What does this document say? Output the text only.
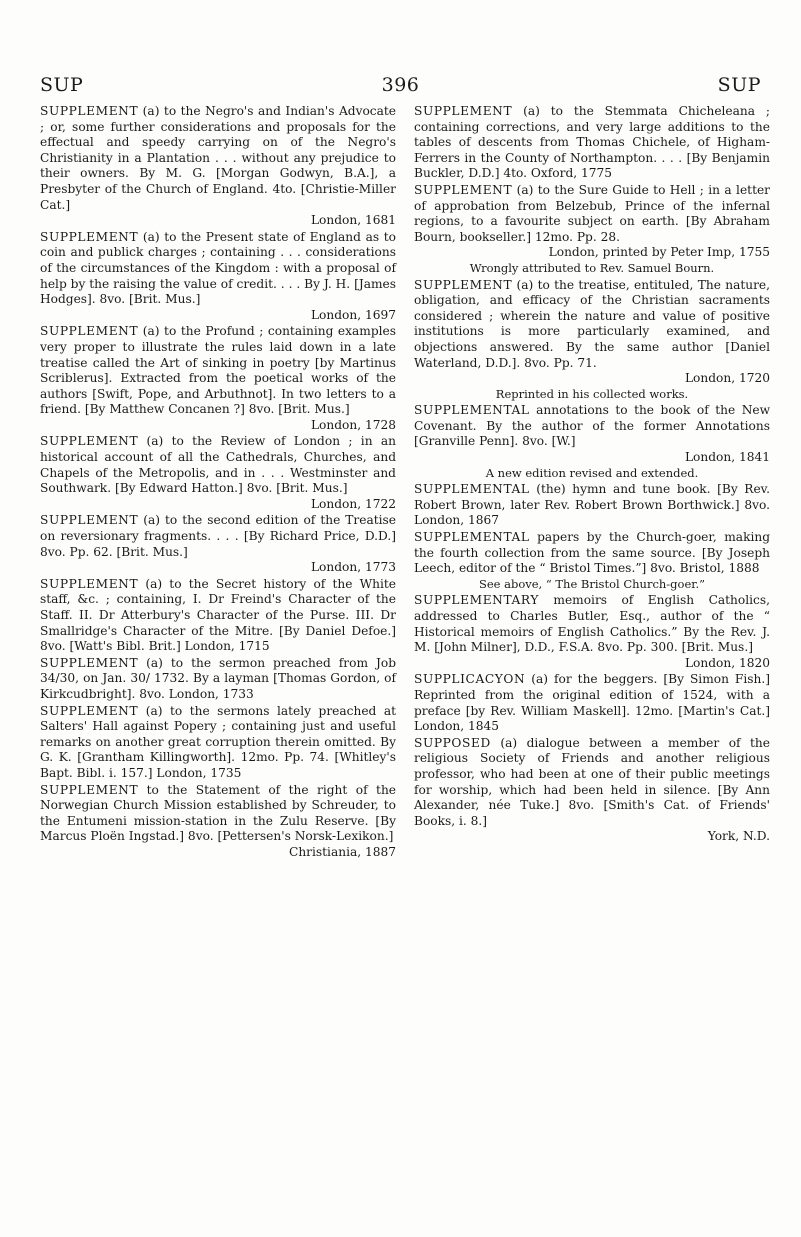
SUP	396	SUP

SUPPLEMENT (a) to the Negro's and Indian's Advocate ; or, some further considerations and proposals for the effectual and speedy carrying on of the Negro's Christianity in a Plantation . . . without any prejudice to their owners. By M. G. [Morgan Godwyn, B.A.], a Presbyter of the Church of England. 4to. [Christie-Miller Cat.]
London, 1681

SUPPLEMENT (a) to the Present state of England as to coin and publick charges ; containing . . . considerations of the circumstances of the Kingdom : with a proposal of help by the raising the value of credit. . . . By J. H. [James Hodges]. 8vo. [Brit. Mus.]
London, 1697

SUPPLEMENT (a) to the Profund ; containing examples very proper to illustrate the rules laid down in a late treatise called the Art of sinking in poetry [by Martinus Scriblerus]. Extracted from the poetical works of the authors [Swift, Pope, and Arbuthnot]. In two letters to a friend. [By Matthew Concanen ?] 8vo. [Brit. Mus.]
London, 1728

SUPPLEMENT (a) to the Review of London ; in an historical account of all the Cathedrals, Churches, and Chapels of the Metropolis, and in . . . Westminster and Southwark. [By Edward Hatton.] 8vo. [Brit. Mus.]
London, 1722

SUPPLEMENT (a) to the second edition of the Treatise on reversionary fragments. . . . [By Richard Price, D.D.] 8vo. Pp. 62. [Brit. Mus.]
London, 1773

SUPPLEMENT (a) to the Secret history of the White staff, &c. ; containing, I. Dr Freind's Character of the Staff. II. Dr Atterbury's Character of the Purse. III. Dr Smallridge's Character of the Mitre. [By Daniel Defoe.] 8vo. [Watt's Bibl. Brit.] London, 1715

SUPPLEMENT (a) to the sermon preached from Job 34/30, on Jan. 30/ 1732. By a layman [Thomas Gordon, of Kirkcudbright]. 8vo. London, 1733

SUPPLEMENT (a) to the sermons lately preached at Salters' Hall against Popery ; containing just and useful remarks on another great corruption therein omitted. By G. K. [Grantham Killingworth]. 12mo. Pp. 74. [Whitley's Bapt. Bibl. i. 157.] London, 1735

SUPPLEMENT to the Statement of the right of the Norwegian Church Mission established by Schreuder, to the Entumeni mission-station in the Zulu Reserve. [By Marcus Ploën Ingstad.] 8vo. [Pettersen's Norsk-Lexikon.]
Christiania, 1887

SUPPLEMENT (a) to the Stemmata Chicheleana ; containing corrections, and very large additions to the tables of descents from Thomas Chichele, of Higham-Ferrers in the County of Northampton. . . . [By Benjamin Buckler, D.D.] 4to. Oxford, 1775

SUPPLEMENT (a) to the Sure Guide to Hell ; in a letter of approbation from Belzebub, Prince of the infernal regions, to a favourite subject on earth. [By Abraham Bourn, bookseller.] 12mo. Pp. 28.
London, printed by Peter Imp, 1755
Wrongly attributed to Rev. Samuel Bourn.

SUPPLEMENT (a) to the treatise, entituled, The nature, obligation, and efficacy of the Christian sacraments considered ; wherein the nature and value of positive institutions is more particularly examined, and objections answered. By the same author [Daniel Waterland, D.D.]. 8vo. Pp. 71.
London, 1720
Reprinted in his collected works.

SUPPLEMENTAL annotations to the book of the New Covenant. By the author of the former Annotations [Granville Penn]. 8vo. [W.]
London, 1841
A new edition revised and extended.

SUPPLEMENTAL (the) hymn and tune book. [By Rev. Robert Brown, later Rev. Robert Brown Borthwick.] 8vo. London, 1867

SUPPLEMENTAL papers by the Church-goer, making the fourth collection from the same source. [By Joseph Leech, editor of the “ Bristol Times.”] 8vo. Bristol, 1888
See above, “ The Bristol Church-goer.”

SUPPLEMENTARY memoirs of English Catholics, addressed to Charles Butler, Esq., author of the “ Historical memoirs of English Catholics.” By the Rev. J. M. [John Milner], D.D., F.S.A. 8vo. Pp. 300. [Brit. Mus.]
London, 1820

SUPPLICACYON (a) for the beggers. [By Simon Fish.] Reprinted from the original edition of 1524, with a preface [by Rev. William Maskell]. 12mo. [Martin's Cat.] London, 1845

SUPPOSED (a) dialogue between a member of the religious Society of Friends and another religious professor, who had been at one of their public meetings for worship, which had been held in silence. [By Ann Alexander, née Tuke.] 8vo. [Smith's Cat. of Friends' Books, i. 8.]
York, N.D.
